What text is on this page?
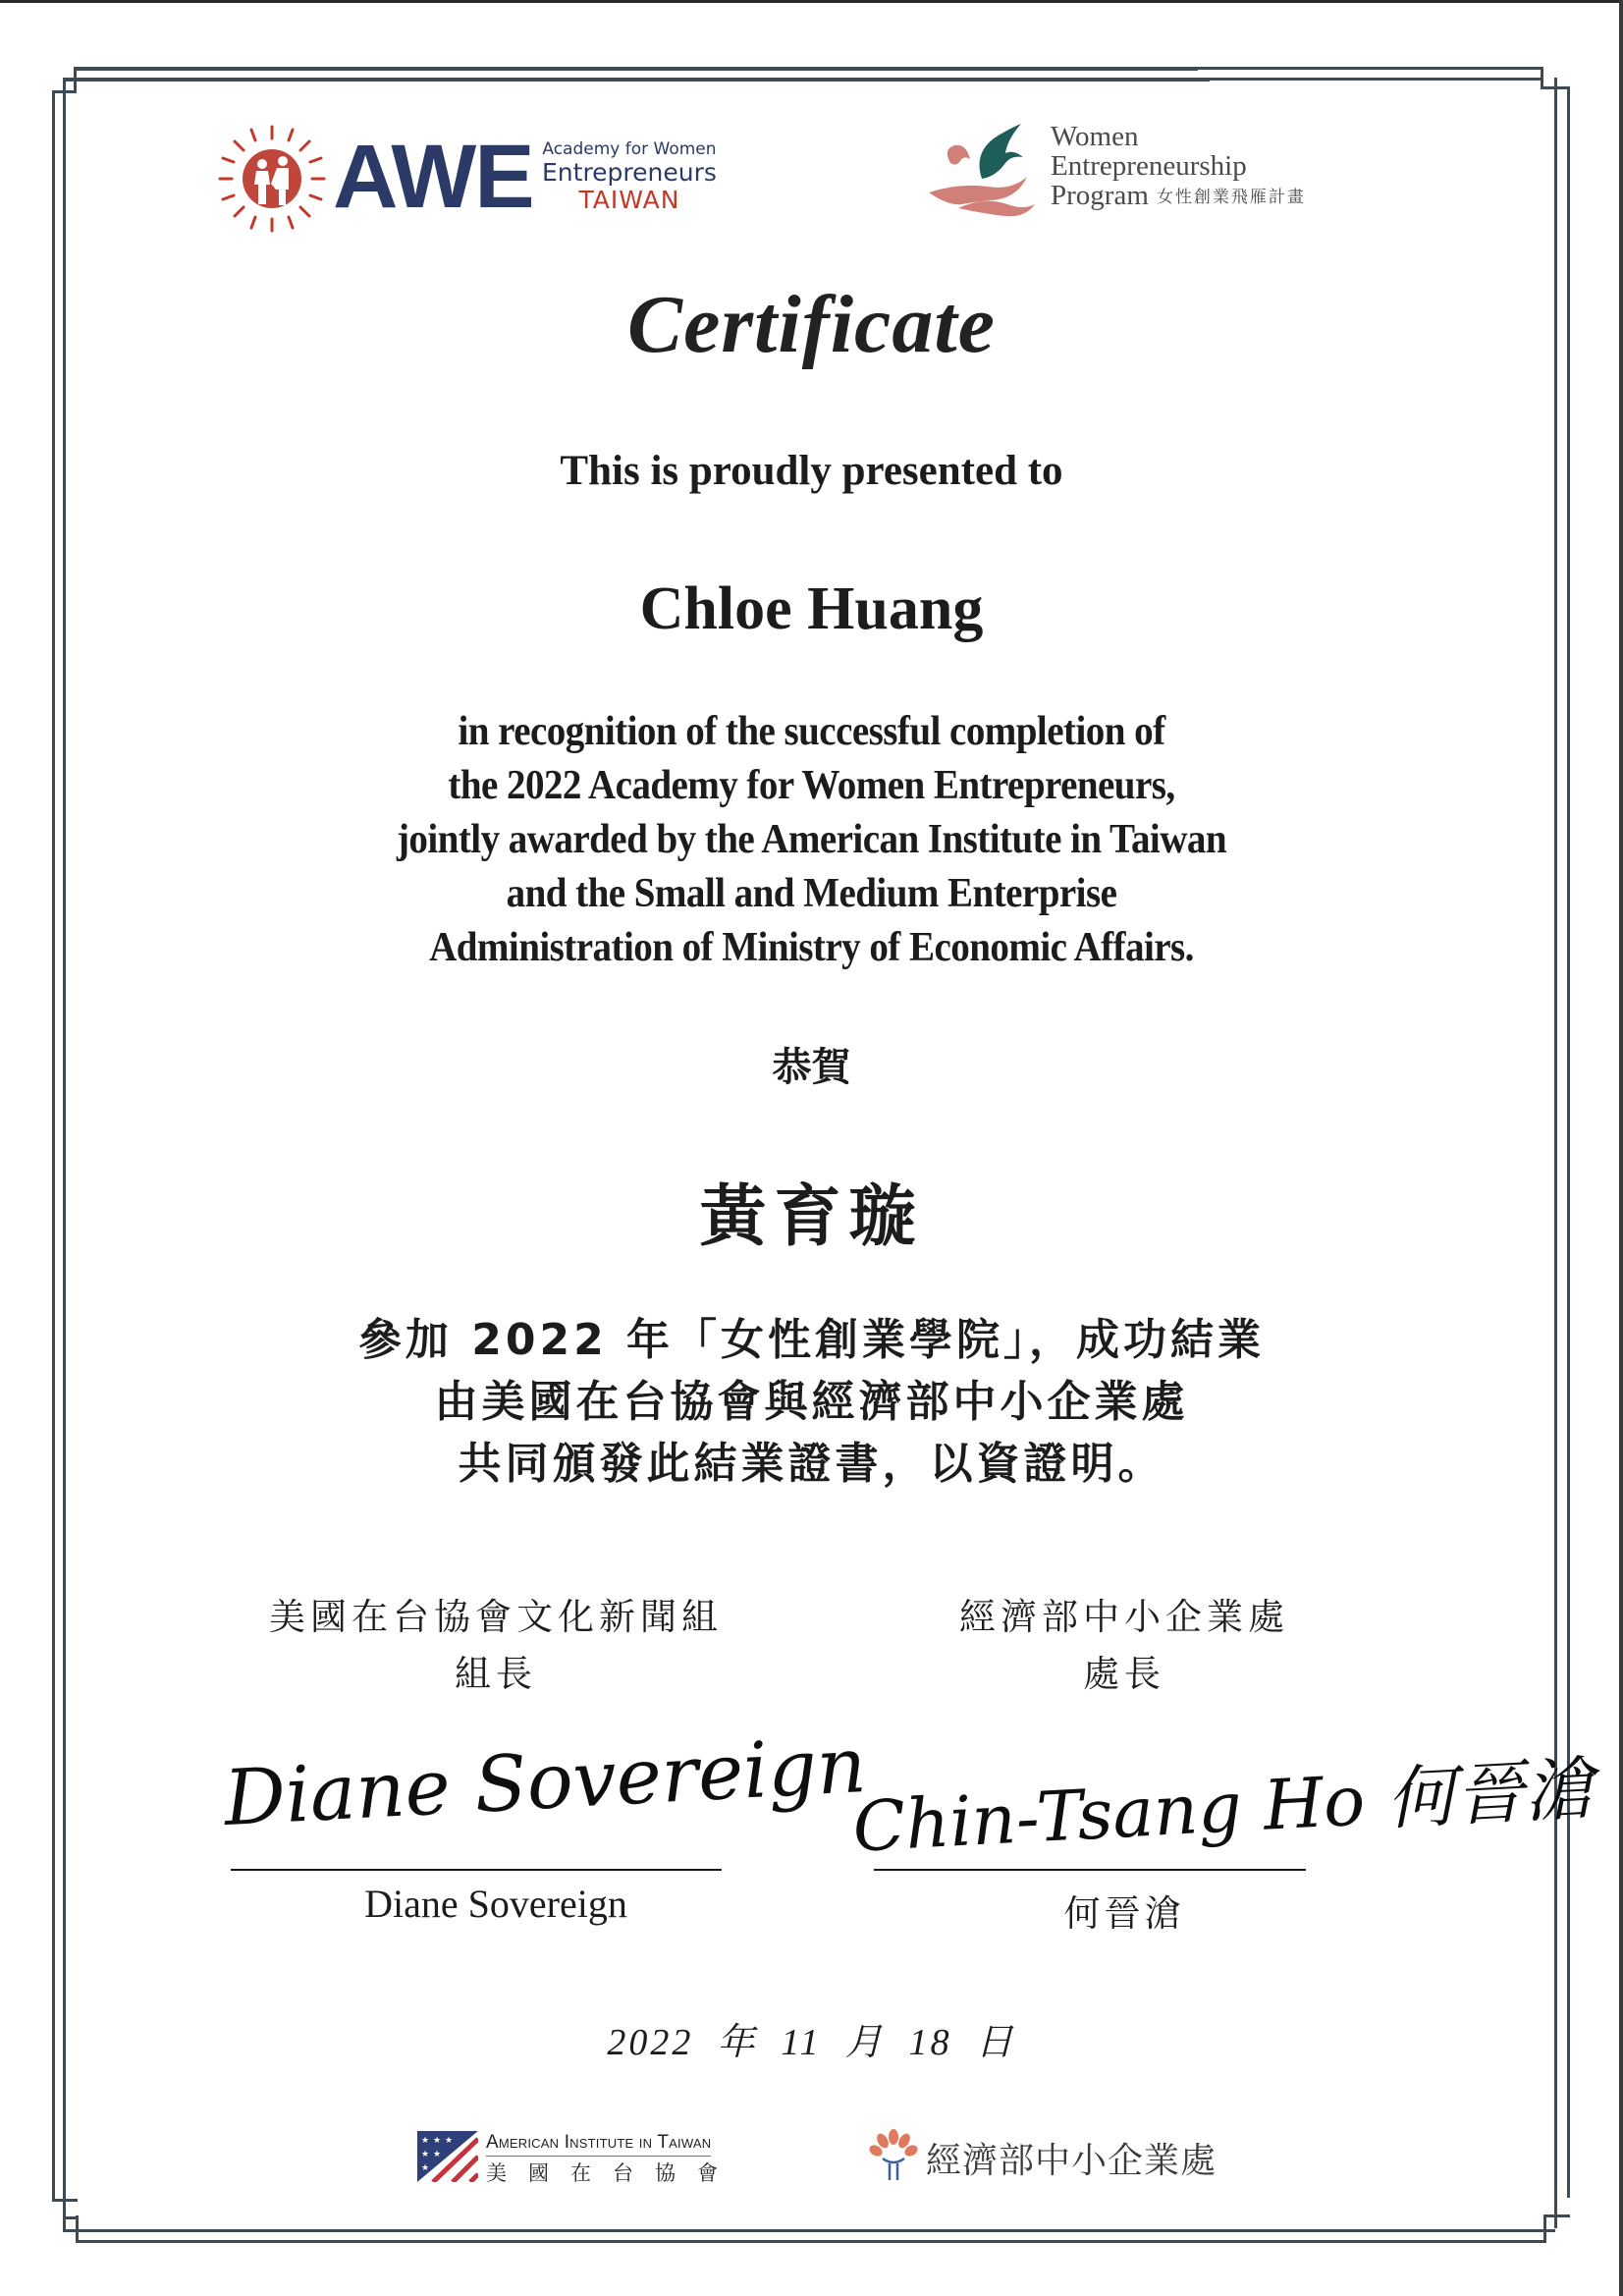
AWE Academy for Women
Entrepreneurs
TAIWAN
Women
Entrepreneurship
Program 女性創業飛雁計畫
Certificate
This is proudly presented to
Chloe Huang
in recognition of the successful completion of
the 2022 Academy for Women Entrepreneurs,
jointly awarded by the American Institute in Taiwan
and the Small and Medium Enterprise
Administration of Ministry of Economic Affairs.
恭賀
黃育璇
參加 2022 年「女性創業學院」，成功結業
由美國在台協會與經濟部中小企業處
共同頒發此結業證書，以資證明。
美國在台協會文化新聞組
組長
經濟部中小企業處
處長
Diane Sovereign
Diane Sovereign
Chin-Tsang Ho 何晉滄
何晉滄
2022 年 11 月 18 日
★ ★ ★
★ ★
★
American Institute in Taiwan
美國在台協會	經濟部中小企業處
